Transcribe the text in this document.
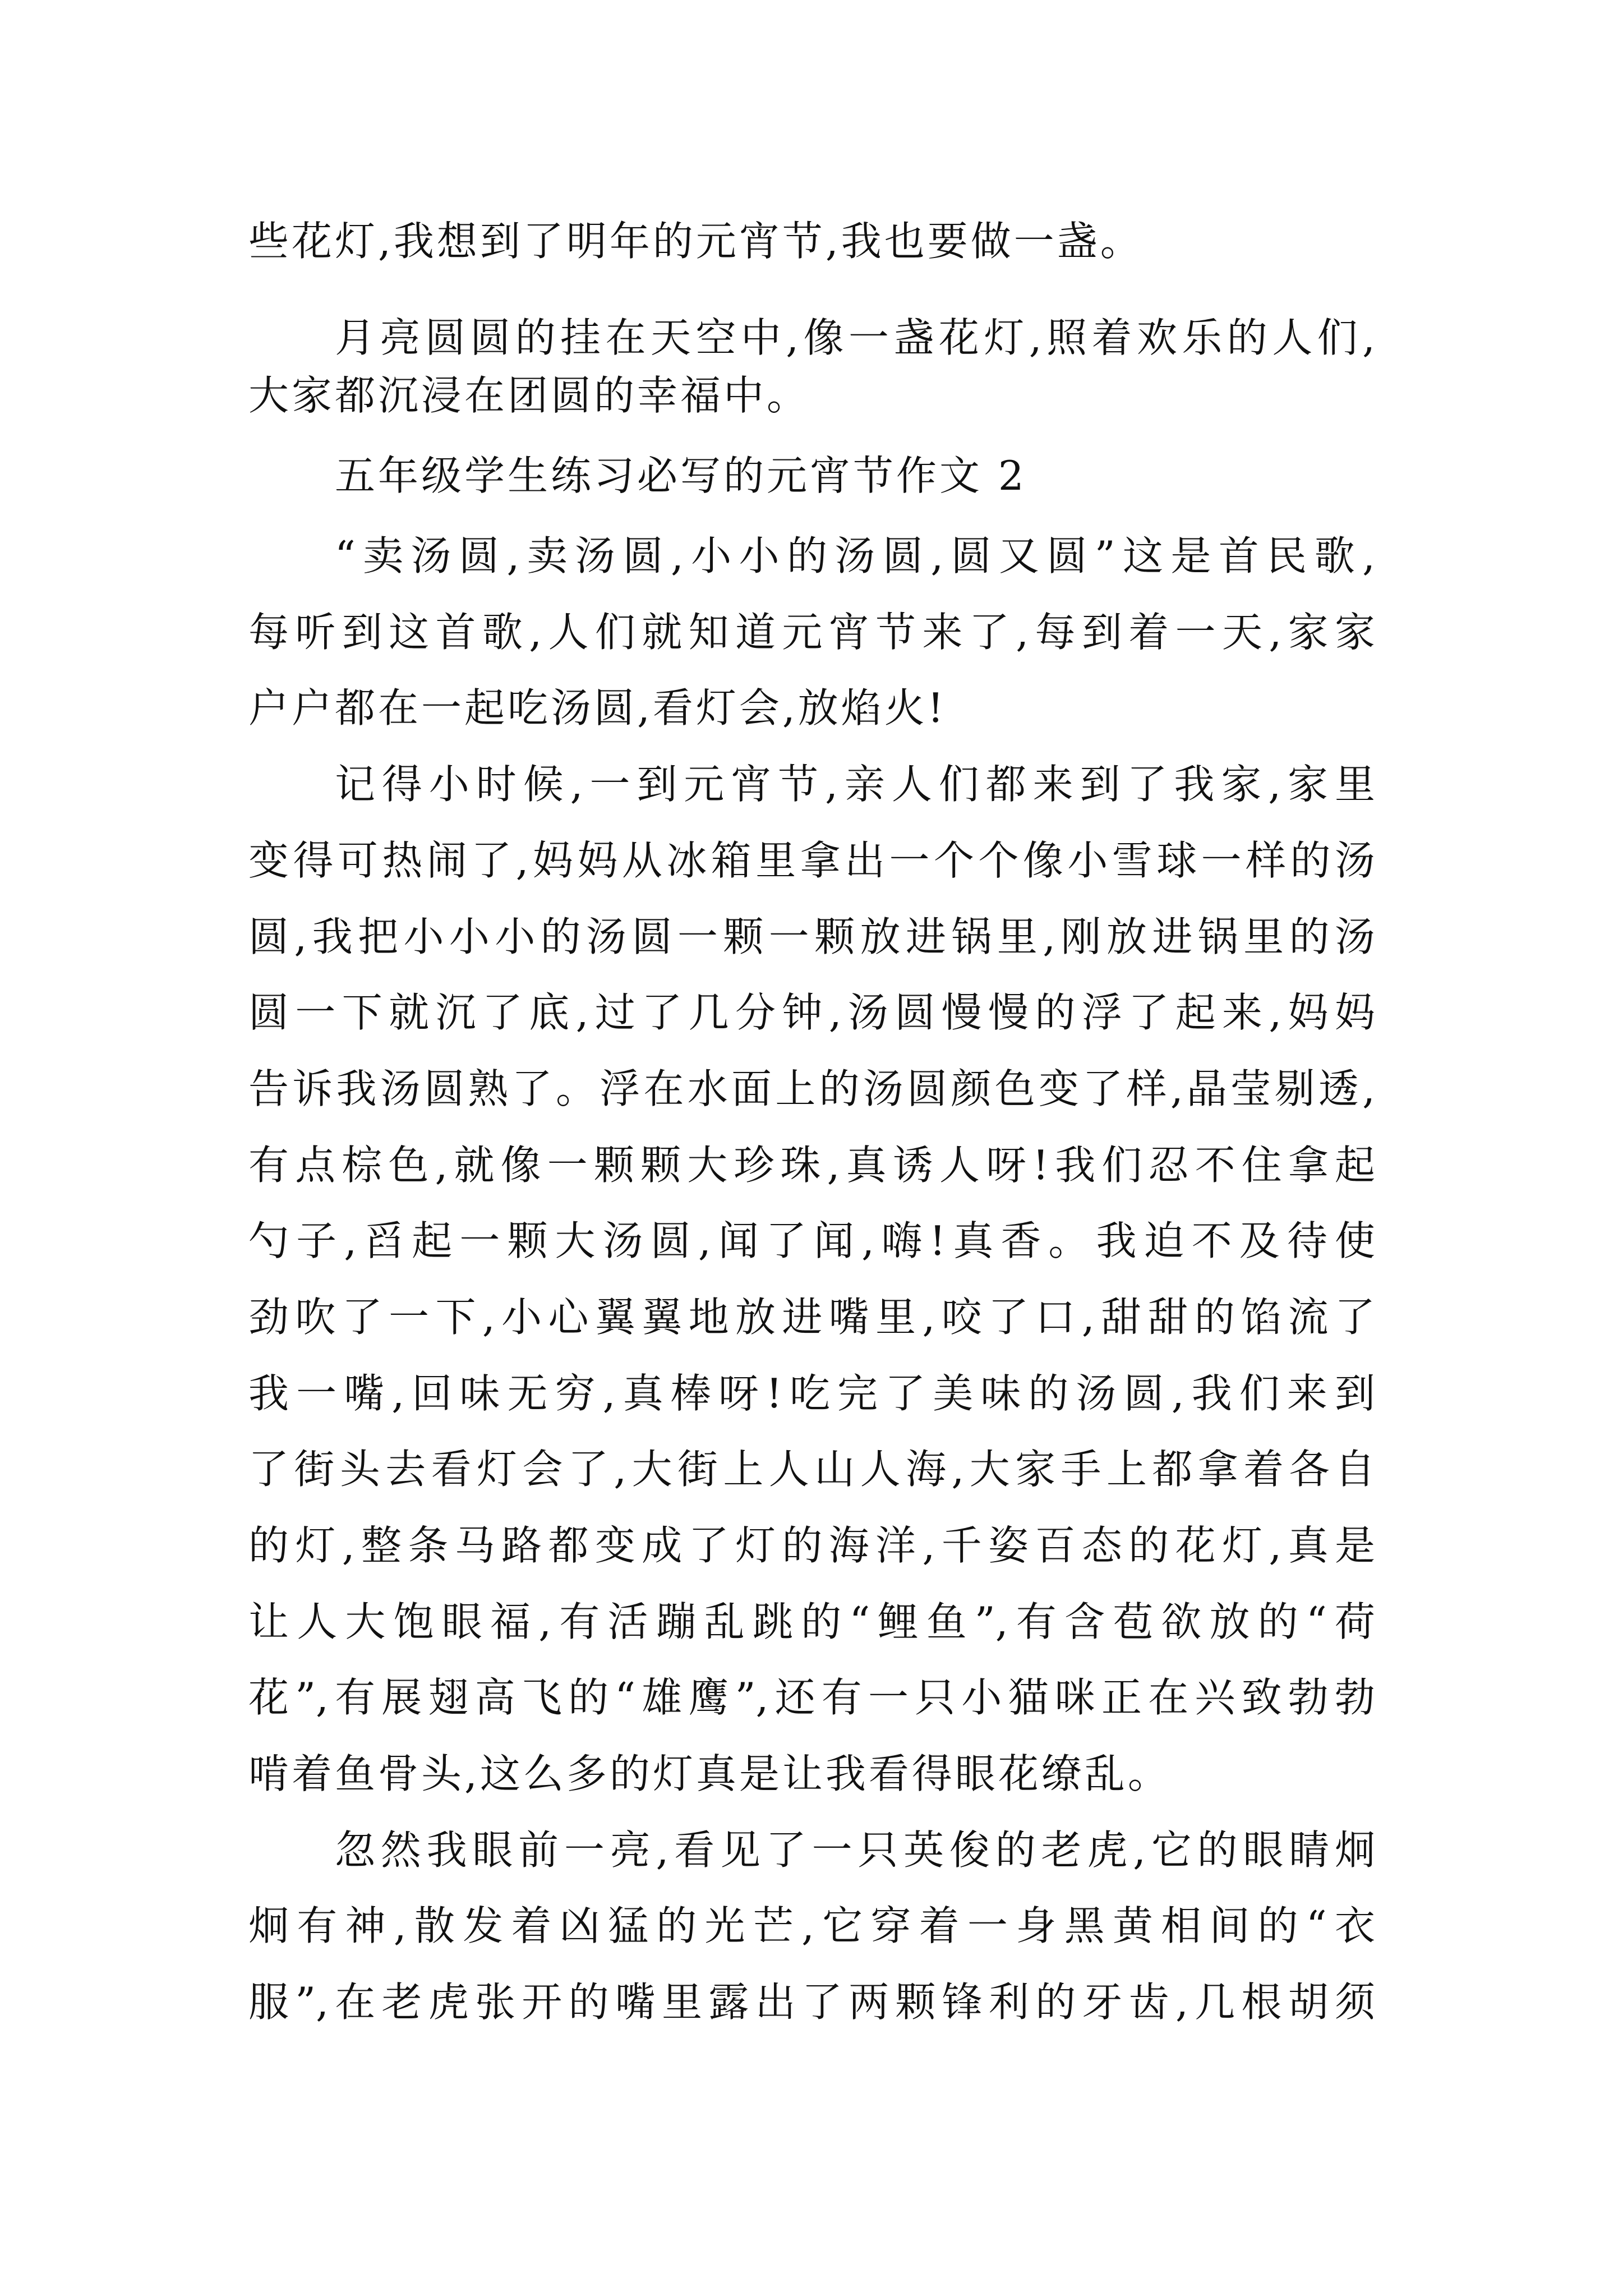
些花灯,我想到了明年的元宵节,我也要做一盏。
月亮圆圆的挂在天空中,像一盏花灯,照着欢乐的人们,
大家都沉浸在团圆的幸福中。
五年级学生练习必写的元宵节作文 2
“卖汤圆,卖汤圆,小小的汤圆,圆又圆”这是首民歌,
每听到这首歌,人们就知道元宵节来了,每到着一天,家家
户户都在一起吃汤圆,看灯会,放焰火!
记得小时候,一到元宵节,亲人们都来到了我家,家里
变得可热闹了,妈妈从冰箱里拿出一个个像小雪球一样的汤
圆,我把小小小的汤圆一颗一颗放进锅里,刚放进锅里的汤
圆一下就沉了底,过了几分钟,汤圆慢慢的浮了起来,妈妈
告诉我汤圆熟了。浮在水面上的汤圆颜色变了样,晶莹剔透,
有点棕色,就像一颗颗大珍珠,真诱人呀!我们忍不住拿起
勺子,舀起一颗大汤圆,闻了闻,嗨!真香。我迫不及待使
劲吹了一下,小心翼翼地放进嘴里,咬了口,甜甜的馅流了
我一嘴,回味无穷,真棒呀!吃完了美味的汤圆,我们来到
了街头去看灯会了,大街上人山人海,大家手上都拿着各自
的灯,整条马路都变成了灯的海洋,千姿百态的花灯,真是
让人大饱眼福,有活蹦乱跳的“鲤鱼”,有含苞欲放的“荷
花”,有展翅高飞的“雄鹰”,还有一只小猫咪正在兴致勃勃
啃着鱼骨头,这么多的灯真是让我看得眼花缭乱。
忽然我眼前一亮,看见了一只英俊的老虎,它的眼睛炯
炯有神,散发着凶猛的光芒,它穿着一身黑黄相间的“衣
服”,在老虎张开的嘴里露出了两颗锋利的牙齿,几根胡须
